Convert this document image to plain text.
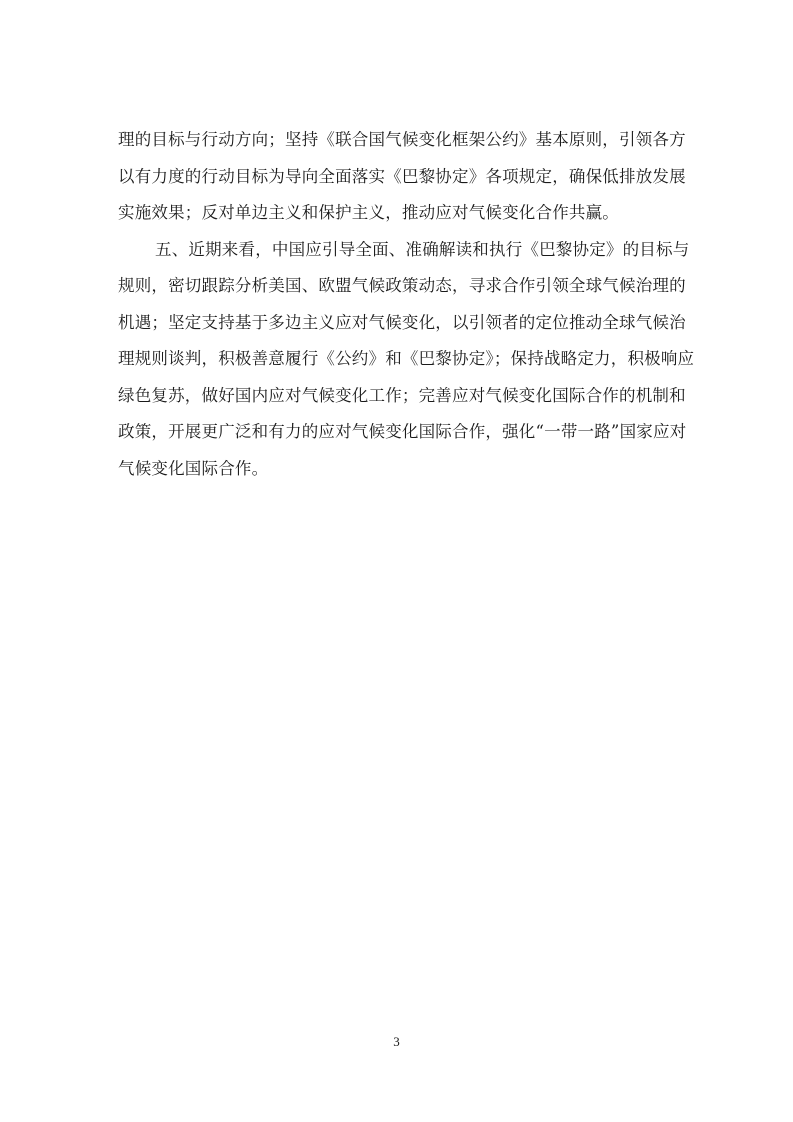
理的目标与行动方向；坚持《联合国气候变化框架公约》基本原则，引领各方
以有力度的行动目标为导向全面落实《巴黎协定》各项规定，确保低排放发展
实施效果；反对单边主义和保护主义，推动应对气候变化合作共赢。
五、近期来看，中国应引导全面、准确解读和执行《巴黎协定》的目标与
规则，密切跟踪分析美国、欧盟气候政策动态，寻求合作引领全球气候治理的
机遇；坚定支持基于多边主义应对气候变化，以引领者的定位推动全球气候治
理规则谈判，积极善意履行《公约》和《巴黎协定》；保持战略定力，积极响应
绿色复苏，做好国内应对气候变化工作；完善应对气候变化国际合作的机制和
政策，开展更广泛和有力的应对气候变化国际合作，强化“一带一路”国家应对
气候变化国际合作。
3
